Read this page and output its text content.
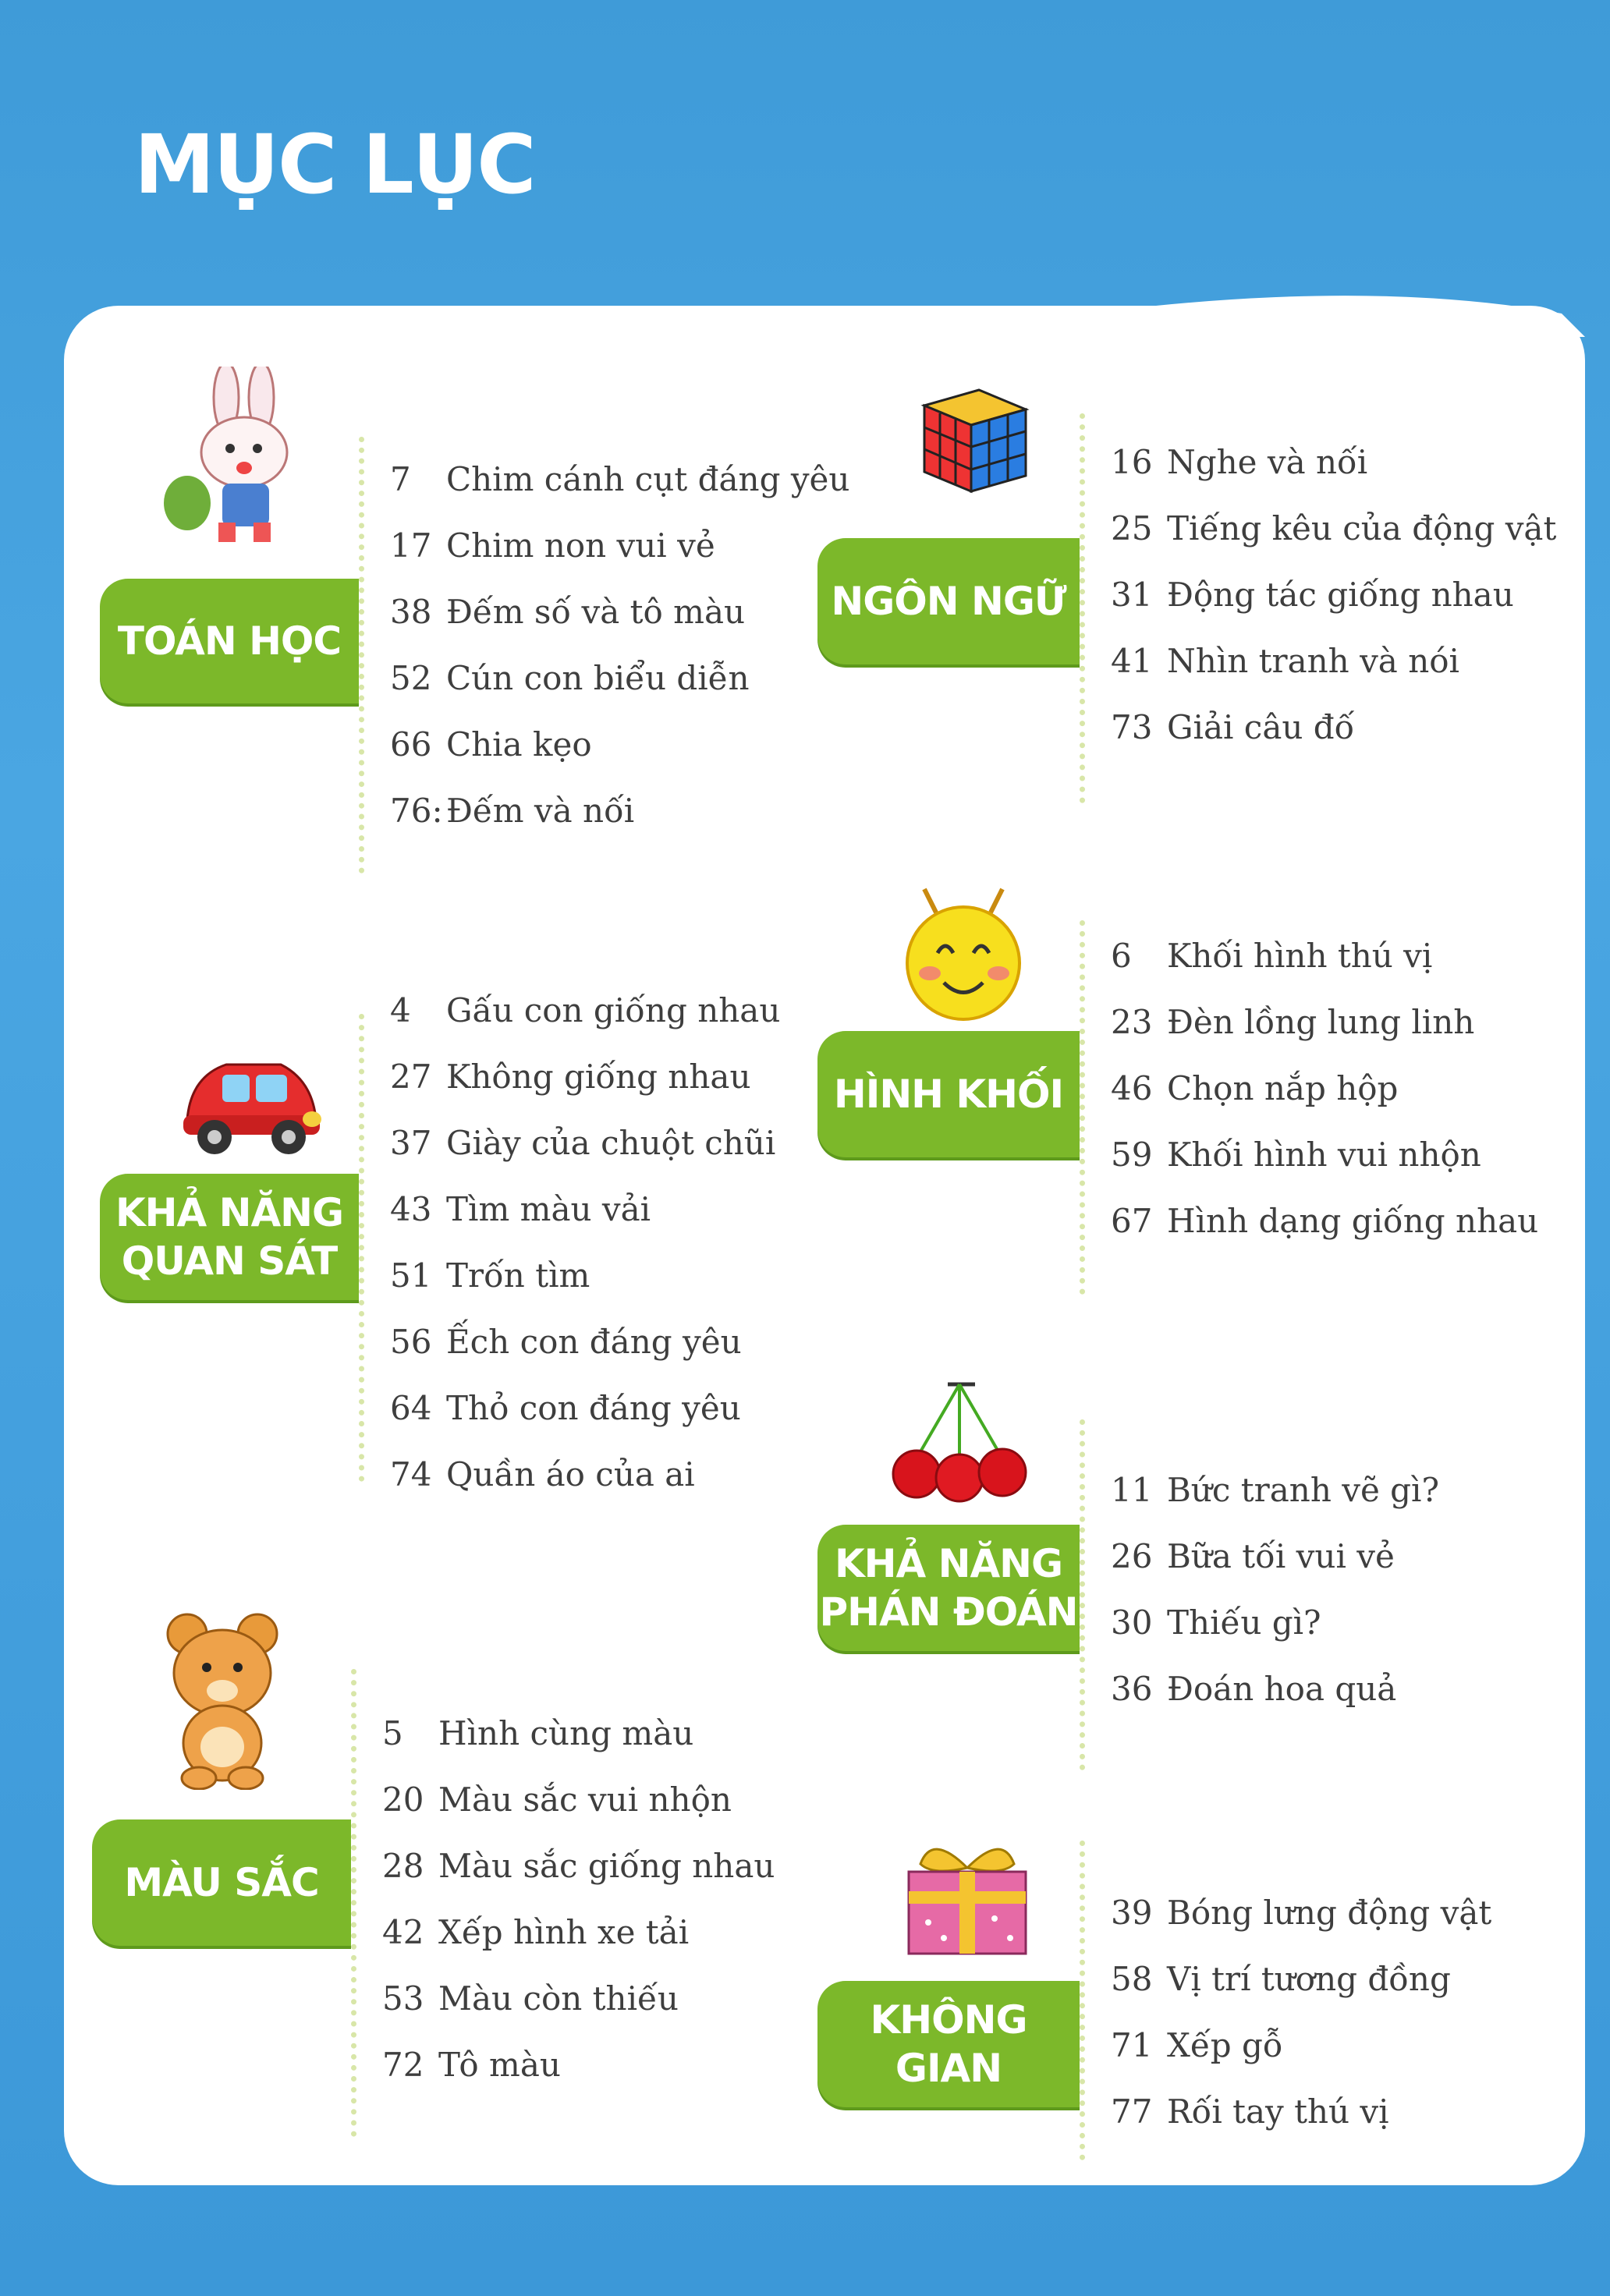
MỤC LỤC
TOÁN HỌC
7 Chim cánh cụt đáng yêu
17 Chim non vui vẻ
38 Đếm số và tô màu
52 Cún con biểu diễn
66 Chia kẹo
76: Đếm và nối
NGÔN NGỮ
16 Nghe và nối
25 Tiếng kêu của động vật
31 Động tác giống nhau
41 Nhìn tranh và nói
73 Giải câu đố
KHẢ NĂNG
QUAN SÁT
4 Gấu con giống nhau
27 Không giống nhau
37 Giày của chuột chũi
43 Tìm màu vải
51 Trốn tìm
56 Ếch con đáng yêu
64 Thỏ con đáng yêu
74 Quần áo của ai
HÌNH KHỐI
6 Khối hình thú vị
23 Đèn lồng lung linh
46 Chọn nắp hộp
59 Khối hình vui nhộn
67 Hình dạng giống nhau
KHẢ NĂNG
PHÁN ĐOÁN
11 Bức tranh vẽ gì?
26 Bữa tối vui vẻ
30 Thiếu gì?
36 Đoán hoa quả
MÀU SẮC
5 Hình cùng màu
20 Màu sắc vui nhộn
28 Màu sắc giống nhau
42 Xếp hình xe tải
53 Màu còn thiếu
72 Tô màu
KHÔNG GIAN
39 Bóng lưng động vật
58 Vị trí tương đồng
71 Xếp gỗ
77 Rối tay thú vị
